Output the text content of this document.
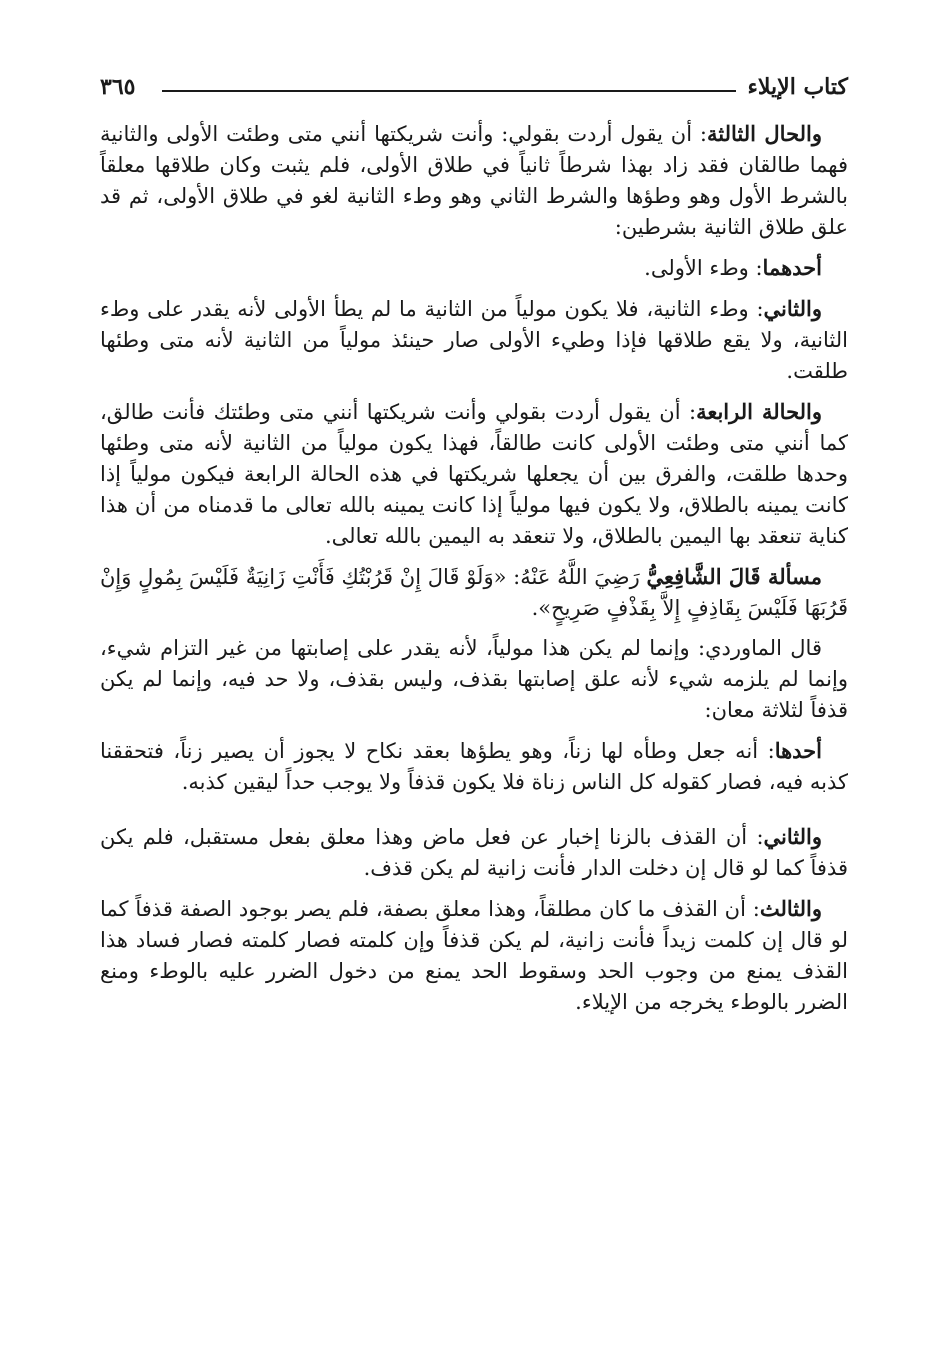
كتاب الإيلاء
٣٦٥

والحال الثالثة: أن يقول أردت بقولي: وأنت شريكتها أنني متى وطئت الأولى والثانية فهما طالقان فقد زاد بهذا شرطاً ثانياً في طلاق الأولى، فلم يثبت وكان طلاقها معلقاً بالشرط الأول وهو وطؤها والشرط الثاني وهو وطء الثانية لغو في طلاق الأولى، ثم قد علق طلاق الثانية بشرطين:

أحدهما: وطء الأولى.

والثاني: وطء الثانية، فلا يكون مولياً من الثانية ما لم يطأ الأولى لأنه يقدر على وطء الثانية، ولا يقع طلاقها فإذا وطيء الأولى صار حينئذ مولياً من الثانية لأنه متى وطئها طلقت.

والحالة الرابعة: أن يقول أردت بقولي وأنت شريكتها أنني متى وطئتك فأنت طالق، كما أنني متى وطئت الأولى كانت طالقاً، فهذا يكون مولياً من الثانية لأنه متى وطئها وحدها طلقت، والفرق بين أن يجعلها شريكتها في هذه الحالة الرابعة فيكون مولياً إذا كانت يمينه بالطلاق، ولا يكون فيها مولياً إذا كانت يمينه بالله تعالى ما قدمناه من أن هذا كناية تنعقد بها اليمين بالطلاق، ولا تنعقد به اليمين بالله تعالى.

مسألة قَالَ الشَّافِعِيُّ رَضِيَ اللَّهُ عَنْهُ: «وَلَوْ قَالَ إِنْ قَرُبْتُكِ فَأَنْتِ زَانِيَةٌ فَلَيْسَ بِمُولٍ وَإِنْ قَرُبَهَا فَلَيْسَ بِقَاذِفٍ إِلاَّ بِقَذْفٍ صَرِيحٍ».

قال الماوردي: وإنما لم يكن هذا مولياً، لأنه يقدر على إصابتها من غير التزام شيء، وإنما لم يلزمه شيء لأنه علق إصابتها بقذف، وليس بقذف، ولا حد فيه، وإنما لم يكن قذفاً لثلاثة معان:

أحدها: أنه جعل وطأه لها زناً، وهو يطؤها بعقد نكاح لا يجوز أن يصير زناً، فتحققنا كذبه فيه، فصار كقوله كل الناس زناة فلا يكون قذفاً ولا يوجب حداً ليقين كذبه.

والثاني: أن القذف بالزنا إخبار عن فعل ماض وهذا معلق بفعل مستقبل، فلم يكن قذفاً كما لو قال إن دخلت الدار فأنت زانية لم يكن قذف.

والثالث: أن القذف ما كان مطلقاً، وهذا معلق بصفة، فلم يصر بوجود الصفة قذفاً كما لو قال إن كلمت زيداً فأنت زانية، لم يكن قذفاً وإن كلمته فصار كلمته فصار فساد هذا القذف يمنع من وجوب الحد وسقوط الحد يمنع من دخول الضرر عليه بالوطء ومنع الضرر بالوطء يخرجه من الإيلاء.
